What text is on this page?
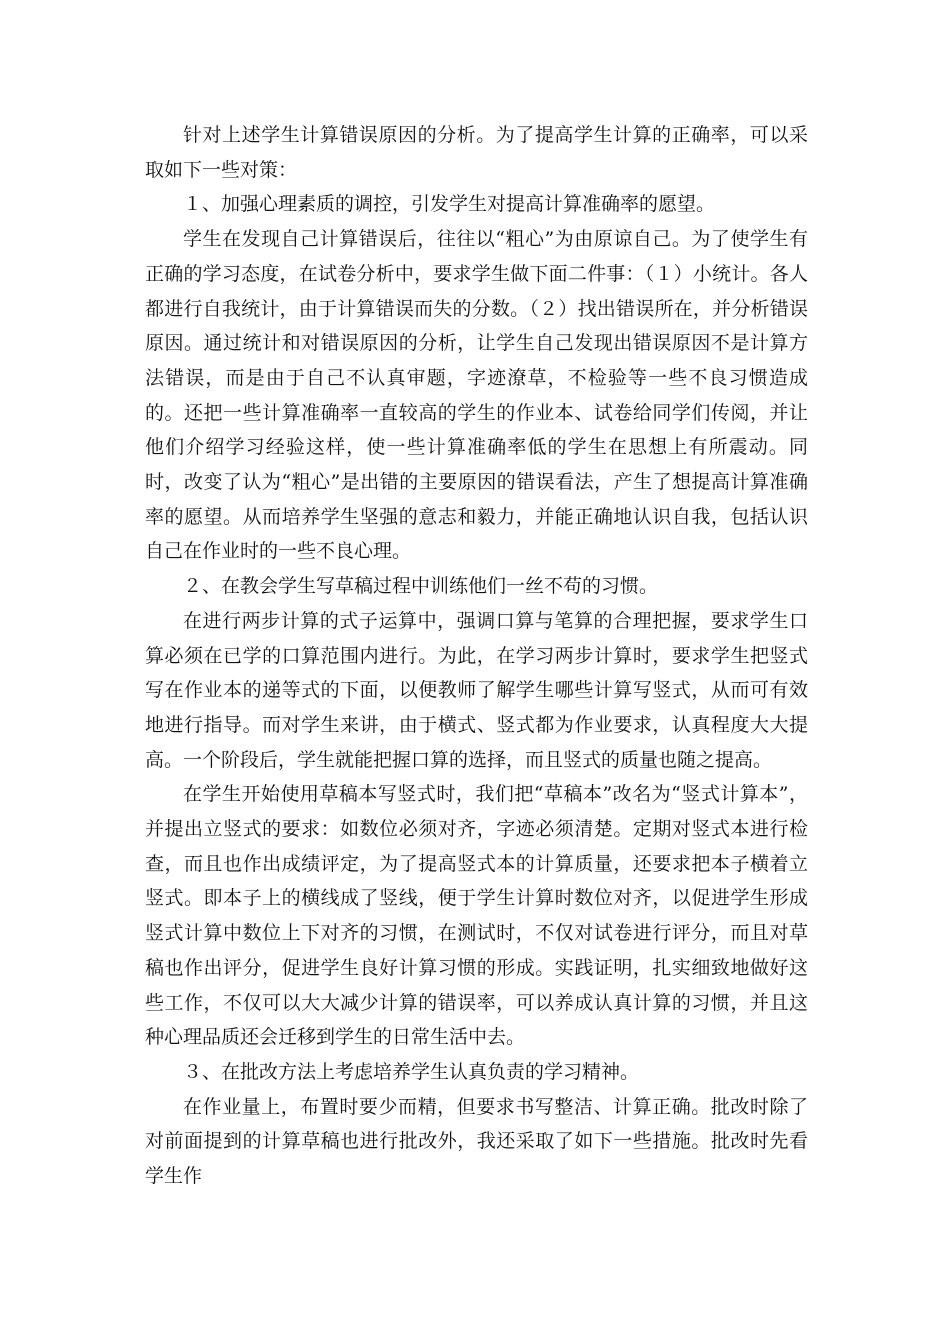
针对上述学生计算错误原因的分析。为了提高学生计算的正确率，可以采取如下一些对策：

１、加强心理素质的调控，引发学生对提高计算准确率的愿望。

学生在发现自己计算错误后，往往以“粗心”为由原谅自己。为了使学生有正确的学习态度，在试卷分析中，要求学生做下面二件事：（１）小统计。各人都进行自我统计，由于计算错误而失的分数。（２）找出错误所在，并分析错误原因。通过统计和对错误原因的分析，让学生自己发现出错误原因不是计算方法错误，而是由于自己不认真审题，字迹潦草，不检验等一些不良习惯造成的。还把一些计算准确率一直较高的学生的作业本、试卷给同学们传阅，并让他们介绍学习经验这样，使一些计算准确率低的学生在思想上有所震动。同时，改变了认为“粗心”是出错的主要原因的错误看法，产生了想提高计算准确率的愿望。从而培养学生坚强的意志和毅力，并能正确地认识自我，包括认识自己在作业时的一些不良心理。

２、在教会学生写草稿过程中训练他们一丝不苟的习惯。

在进行两步计算的式子运算中，强调口算与笔算的合理把握，要求学生口算必须在已学的口算范围内进行。为此，在学习两步计算时，要求学生把竖式写在作业本的递等式的下面，以便教师了解学生哪些计算写竖式，从而可有效地进行指导。而对学生来讲，由于横式、竖式都为作业要求，认真程度大大提高。一个阶段后，学生就能把握口算的选择，而且竖式的质量也随之提高。

在学生开始使用草稿本写竖式时，我们把“草稿本”改名为“竖式计算本”，并提出立竖式的要求：如数位必须对齐，字迹必须清楚。定期对竖式本进行检查，而且也作出成绩评定，为了提高竖式本的计算质量，还要求把本子横着立竖式。即本子上的横线成了竖线，便于学生计算时数位对齐，以促进学生形成竖式计算中数位上下对齐的习惯，在测试时，不仅对试卷进行评分，而且对草稿也作出评分，促进学生良好计算习惯的形成。实践证明，扎实细致地做好这些工作，不仅可以大大减少计算的错误率，可以养成认真计算的习惯，并且这种心理品质还会迁移到学生的日常生活中去。

３、在批改方法上考虑培养学生认真负责的学习精神。

在作业量上，布置时要少而精，但要求书写整洁、计算正确。批改时除了对前面提到的计算草稿也进行批改外，我还采取了如下一些措施。批改时先看学生作
